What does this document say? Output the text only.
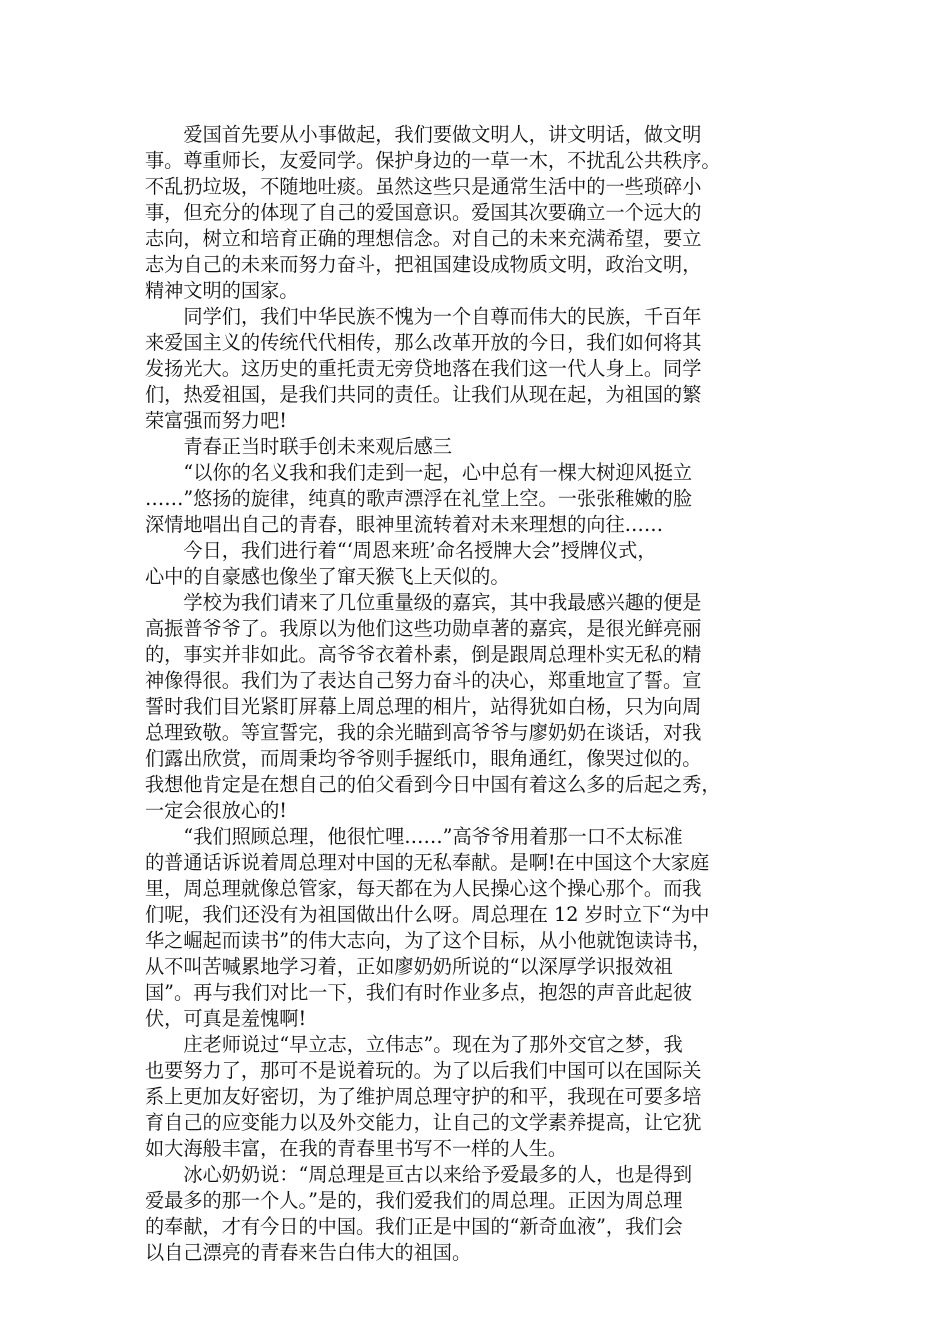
爱国首先要从小事做起，我们要做文明人，讲文明话，做文明
事。尊重师长，友爱同学。保护身边的一草一木，不扰乱公共秩序。
不乱扔垃圾，不随地吐痰。虽然这些只是通常生活中的一些琐碎小
事，但充分的体现了自己的爱国意识。爱国其次要确立一个远大的
志向，树立和培育正确的理想信念。对自己的未来充满希望，要立
志为自己的未来而努力奋斗，把祖国建设成物质文明，政治文明，
精神文明的国家。

同学们，我们中华民族不愧为一个自尊而伟大的民族，千百年
来爱国主义的传统代代相传，那么改革开放的今日，我们如何将其
发扬光大。这历史的重托责无旁贷地落在我们这一代人身上。同学
们，热爱祖国，是我们共同的责任。让我们从现在起，为祖国的繁
荣富强而努力吧!

青春正当时联手创未来观后感三

“以你的名义我和我们走到一起，心中总有一棵大树迎风挺立
……”悠扬的旋律，纯真的歌声漂浮在礼堂上空。一张张稚嫩的脸
深情地唱出自己的青春，眼神里流转着对未来理想的向往……

今日，我们进行着“‘周恩来班’命名授牌大会”授牌仪式，
心中的自豪感也像坐了窜天猴飞上天似的。

学校为我们请来了几位重量级的嘉宾，其中我最感兴趣的便是
高振普爷爷了。我原以为他们这些功勋卓著的嘉宾，是很光鲜亮丽
的，事实并非如此。高爷爷衣着朴素，倒是跟周总理朴实无私的精
神像得很。我们为了表达自己努力奋斗的决心，郑重地宣了誓。宣
誓时我们目光紧盯屏幕上周总理的相片，站得犹如白杨，只为向周
总理致敬。等宣誓完，我的余光瞄到高爷爷与廖奶奶在谈话，对我
们露出欣赏，而周秉均爷爷则手握纸巾，眼角通红，像哭过似的。
我想他肯定是在想自己的伯父看到今日中国有着这么多的后起之秀，
一定会很放心的!

“我们照顾总理，他很忙哩……”高爷爷用着那一口不太标准
的普通话诉说着周总理对中国的无私奉献。是啊!在中国这个大家庭
里，周总理就像总管家，每天都在为人民操心这个操心那个。而我
们呢，我们还没有为祖国做出什么呀。周总理在 12 岁时立下“为中
华之崛起而读书”的伟大志向，为了这个目标，从小他就饱读诗书，
从不叫苦喊累地学习着，正如廖奶奶所说的“以深厚学识报效祖
国”。再与我们对比一下，我们有时作业多点，抱怨的声音此起彼
伏，可真是羞愧啊!

庄老师说过“早立志，立伟志”。现在为了那外交官之梦，我
也要努力了，那可不是说着玩的。为了以后我们中国可以在国际关
系上更加友好密切，为了维护周总理守护的和平，我现在可要多培
育自己的应变能力以及外交能力，让自己的文学素养提高，让它犹
如大海般丰富，在我的青春里书写不一样的人生。

冰心奶奶说：“周总理是亘古以来给予爱最多的人，也是得到
爱最多的那一个人。”是的，我们爱我们的周总理。正因为周总理
的奉献，才有今日的中国。我们正是中国的“新奇血液”，我们会
以自己漂亮的青春来告白伟大的祖国。
